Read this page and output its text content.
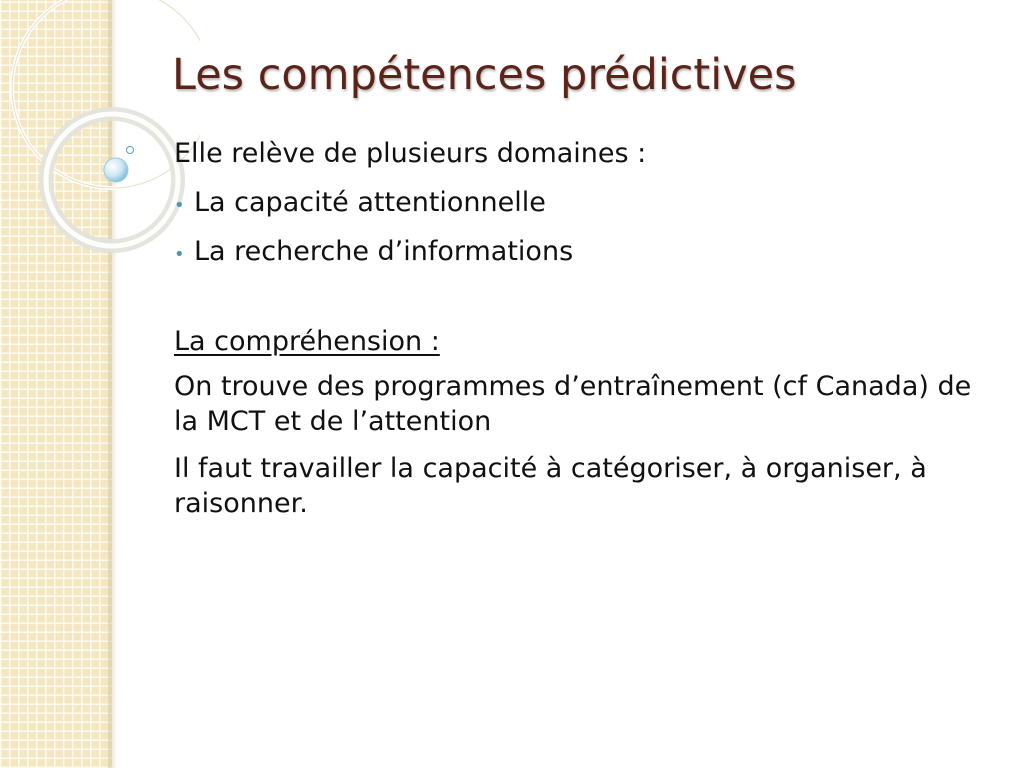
Les compétences prédictives

Elle relève de plusieurs domaines :

• La capacité attentionnelle
• La recherche d’informations

La compréhension :

On trouve des programmes d’entraînement (cf Canada) de la MCT et de l’attention

Il faut travailler la capacité à catégoriser, à organiser, à raisonner.
